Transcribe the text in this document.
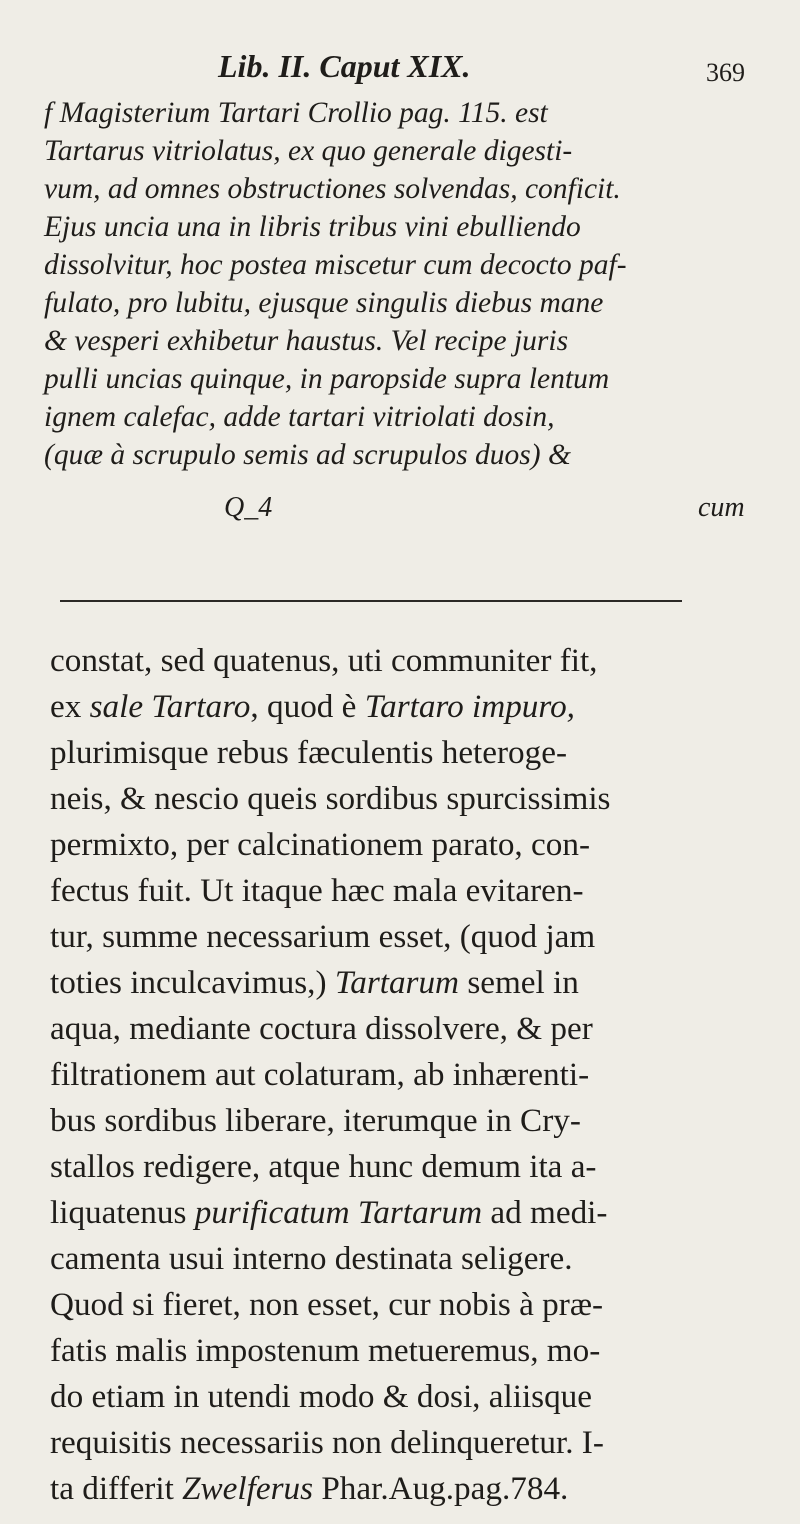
Lib. II. Caput XIX.	369
f Magisterium Tartari Crollio pag. 115. est
Tartarus vitriolatus, ex quo generale digesti-
vum, ad omnes obstructiones solvendas, conficit.
Ejus uncia una in libris tribus vini ebulliendo
dissolvitur, hoc postea miscetur cum decocto paf-
fulato, pro lubitu, ejusque singulis diebus mane
& vesperi exhibetur haustus. Vel recipe juris
pulli uncias quinque, in paropside supra lentum
ignem calefac, adde tartari vitriolati dosin,
(quæ à scrupulo semis ad scrupulos duos) &
Q_4	cum
constat, sed quatenus, uti communiter fit,
ex sale Tartaro, quod è Tartaro impuro,
plurimisque rebus fæculentis heteroge-
neis, & nescio queis sordibus spurcissimis
permixto, per calcinationem parato, con-
fectus fuit. Ut itaque hæc mala evitaren-
tur, summe necessarium esset, (quod jam
toties inculcavimus,) Tartarum semel in
aqua, mediante coctura dissolvere, & per
filtrationem aut colaturam, ab inhærenti-
bus sordibus liberare, iterumque in Cry-
stallos redigere, atque hunc demum ita a-
liquatenus purificatum Tartarum ad medi-
camenta usui interno destinata seligere.
Quod si fieret, non esset, cur nobis à præ-
fatis malis impostenum metueremus, mo-
do etiam in utendi modo & dosi, aliisque
requisitis necessariis non delinqueretur. I-
ta differit Zwelferus Phar.Aug.pag.784.
